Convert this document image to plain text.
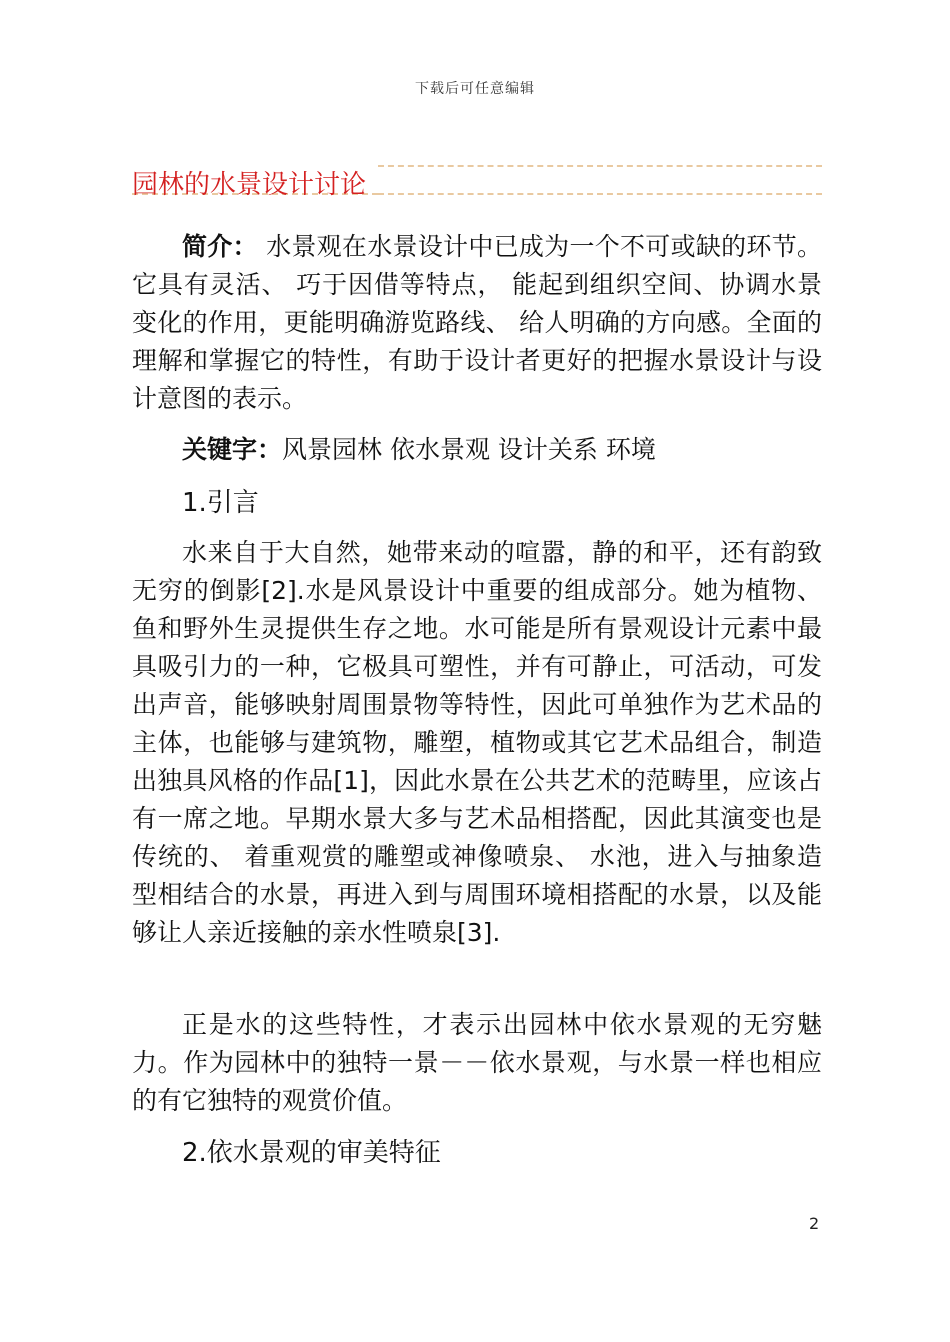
下载后可任意编辑
园林的水景设计讨论

简介： 水景观在水景设计中已成为一个不可或缺的环节。它具有灵活、 巧于因借等特点， 能起到组织空间、协调水景变化的作用，更能明确游览路线、 给人明确的方向感。全面的理解和掌握它的特性，有助于设计者更好的把握水景设计与设计意图的表示。

关键字：风景园林 依水景观 设计关系 环境

1.引言

水来自于大自然，她带来动的喧嚣，静的和平，还有韵致无穷的倒影[2].水是风景设计中重要的组成部分。她为植物、 鱼和野外生灵提供生存之地。水可能是所有景观设计元素中最具吸引力的一种，它极具可塑性，并有可静止，可活动，可发出声音，能够映射周围景物等特性，因此可单独作为艺术品的主体，也能够与建筑物，雕塑，植物或其它艺术品组合，制造出独具风格的作品[1]，因此水景在公共艺术的范畴里，应该占有一席之地。早期水景大多与艺术品相搭配，因此其演变也是传统的、 着重观赏的雕塑或神像喷泉、 水池，进入与抽象造型相结合的水景，再进入到与周围环境相搭配的水景，以及能够让人亲近接触的亲水性喷泉[3].

正是水的这些特性，才表示出园林中依水景观的无穷魅力。作为园林中的独特一景－－依水景观，与水景一样也相应的有它独特的观赏价值。

2.依水景观的审美特征
2
